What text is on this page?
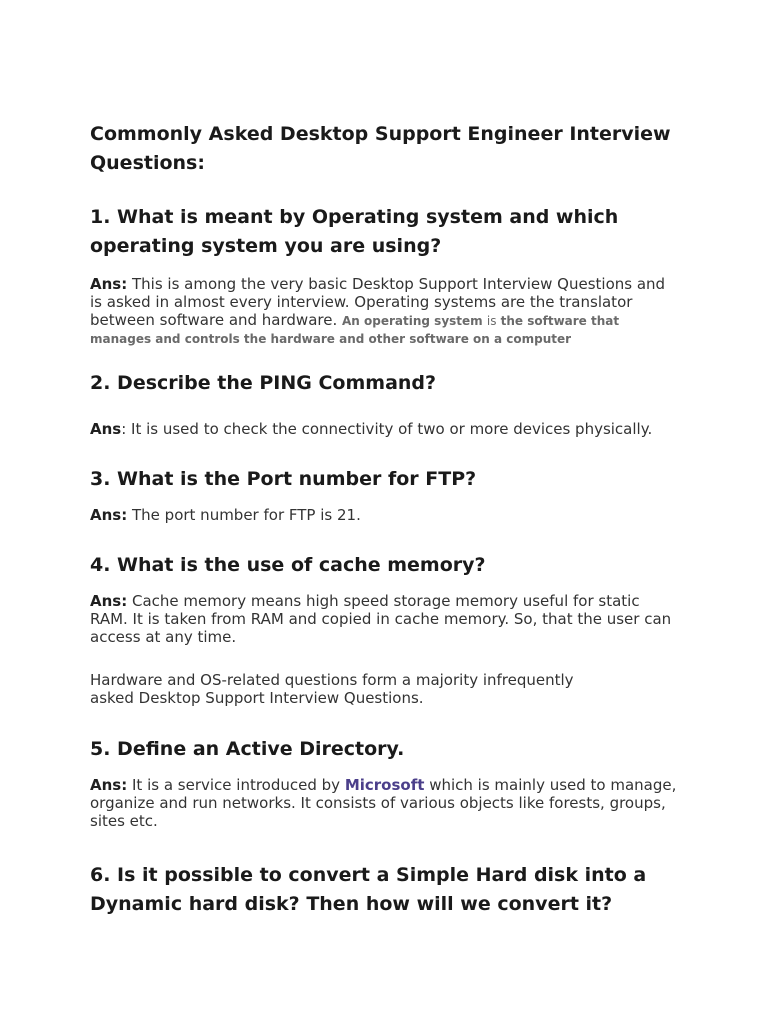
Commonly Asked Desktop Support Engineer Interview Questions:
1. What is meant by Operating system and which operating system you are using?

Ans: This is among the very basic Desktop Support Interview Questions and is asked in almost every interview. Operating systems are the translator between software and hardware. An operating system is the software that manages and controls the hardware and other software on a computer

2. Describe the PING Command?

Ans: It is used to check the connectivity of two or more devices physically.

3. What is the Port number for FTP?

Ans: The port number for FTP is 21.

4. What is the use of cache memory?

Ans: Cache memory means high speed storage memory useful for static RAM. It is taken from RAM and copied in cache memory. So, that the user can access at any time.

Hardware and OS-related questions form a majority infrequently asked Desktop Support Interview Questions.

5. Define an Active Directory.

Ans: It is a service introduced by Microsoft which is mainly used to manage, organize and run networks. It consists of various objects like forests, groups, sites etc.

6. Is it possible to convert a Simple Hard disk into a Dynamic hard disk? Then how will we convert it?
